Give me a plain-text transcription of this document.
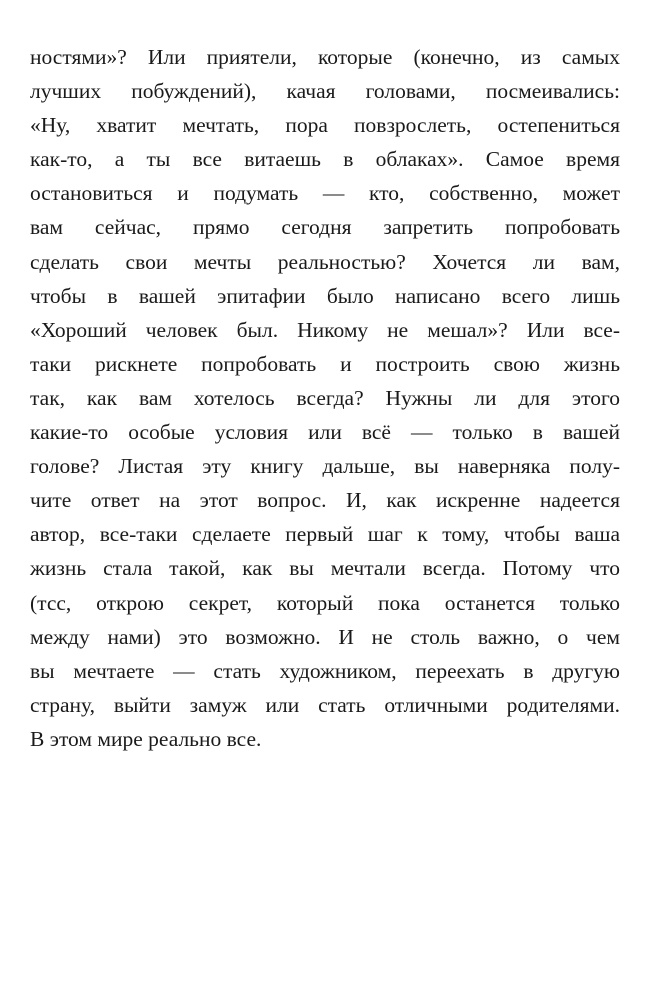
ностями»? Или приятели, которые (конечно, из самых
лучших побуждений), качая головами, посмеивались:
«Ну, хватит мечтать, пора повзрослеть, остепениться
как-то, а ты все витаешь в облаках». Самое время
остановиться и подумать — кто, собственно, может
вам сейчас, прямо сегодня запретить попробовать
сделать свои мечты реальностью? Хочется ли вам,
чтобы в вашей эпитафии было написано всего лишь
«Хороший человек был. Никому не мешал»? Или все-
таки рискнете попробовать и построить свою жизнь
так, как вам хотелось всегда? Нужны ли для этого
какие-то особые условия или всё — только в вашей
голове? Листая эту книгу дальше, вы наверняка полу-
чите ответ на этот вопрос. И, как искренне надеется
автор, все-таки сделаете первый шаг к тому, чтобы ваша
жизнь стала такой, как вы мечтали всегда. Потому что
(тсс, открою секрет, который пока останется только
между нами) это возможно. И не столь важно, о чем
вы мечтаете — стать художником, переехать в другую
страну, выйти замуж или стать отличными родителями.
В этом мире реально все.
